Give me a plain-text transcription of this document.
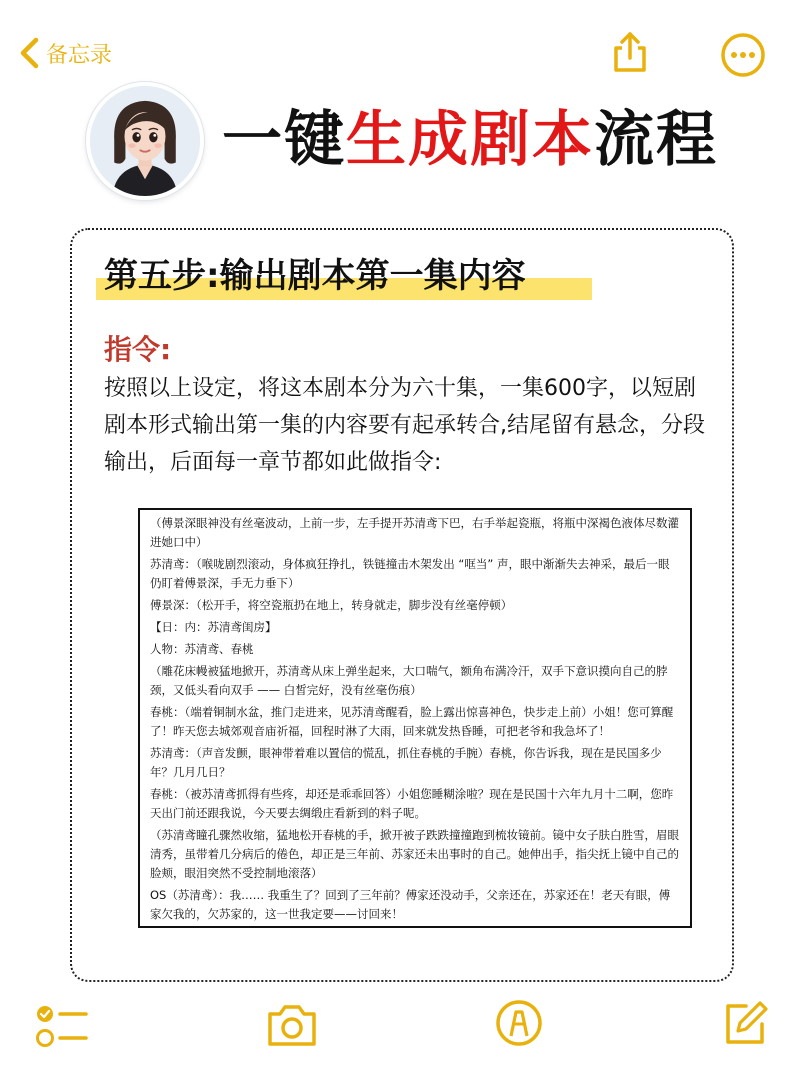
备忘录
一键生成剧本流程
第五步:输出剧本第一集内容
指令:
按照以上设定，将这本剧本分为六十集，一集600字，以短剧剧本形式输出第一集的内容要有起承转合,结尾留有悬念，分段输出，后面每一章节都如此做指令:

（傅景深眼神没有丝毫波动，上前一步，左手提开苏清鸢下巴，右手举起瓷瓶，将瓶中深褐色液体尽数灌进她口中）

苏清鸢：（喉咙剧烈滚动，身体疯狂挣扎，铁链撞击木架发出 “哐当” 声，眼中渐渐失去神采，最后一眼仍盯着傅景深，手无力垂下）

傅景深：（松开手，将空瓷瓶扔在地上，转身就走，脚步没有丝毫停顿）

【日：内：苏清鸢闺房】

人物：苏清鸢、春桃

（雕花床幔被猛地掀开，苏清鸢从床上弹坐起来，大口喘气，额角布满冷汗，双手下意识摸向自己的脖颈，又低头看向双手 —— 白皙完好，没有丝毫伤痕）

春桃：（端着铜制水盆，推门走进来，见苏清鸢醒看，脸上露出惊喜神色，快步走上前）小姐！您可算醒了！昨天您去城郊观音庙祈福，回程时淋了大雨，回来就发热昏睡，可把老爷和我急坏了！

苏清鸢：（声音发颤，眼神带着难以置信的慌乱，抓住春桃的手腕）春桃，你告诉我，现在是民国多少年？几月几日？

春桃：（被苏清鸢抓得有些疼，却还是乖乖回答）小姐您睡糊涂啦？现在是民国十六年九月十二啊，您昨天出门前还跟我说，今天要去绸缎庄看新到的料子呢。

（苏清鸢瞳孔骤然收缩，猛地松开春桃的手，掀开被子跌跌撞撞跑到梳妆镜前。镜中女子肤白胜雪，眉眼清秀，虽带着几分病后的倦色，却正是三年前、苏家还未出事时的自己。她伸出手，指尖抚上镜中自己的脸颊，眼泪突然不受控制地滚落）

OS（苏清鸢）：我…… 我重生了？回到了三年前？傅家还没动手，父亲还在，苏家还在！老天有眼，傅家欠我的，欠苏家的，这一世我定要——讨回来！
